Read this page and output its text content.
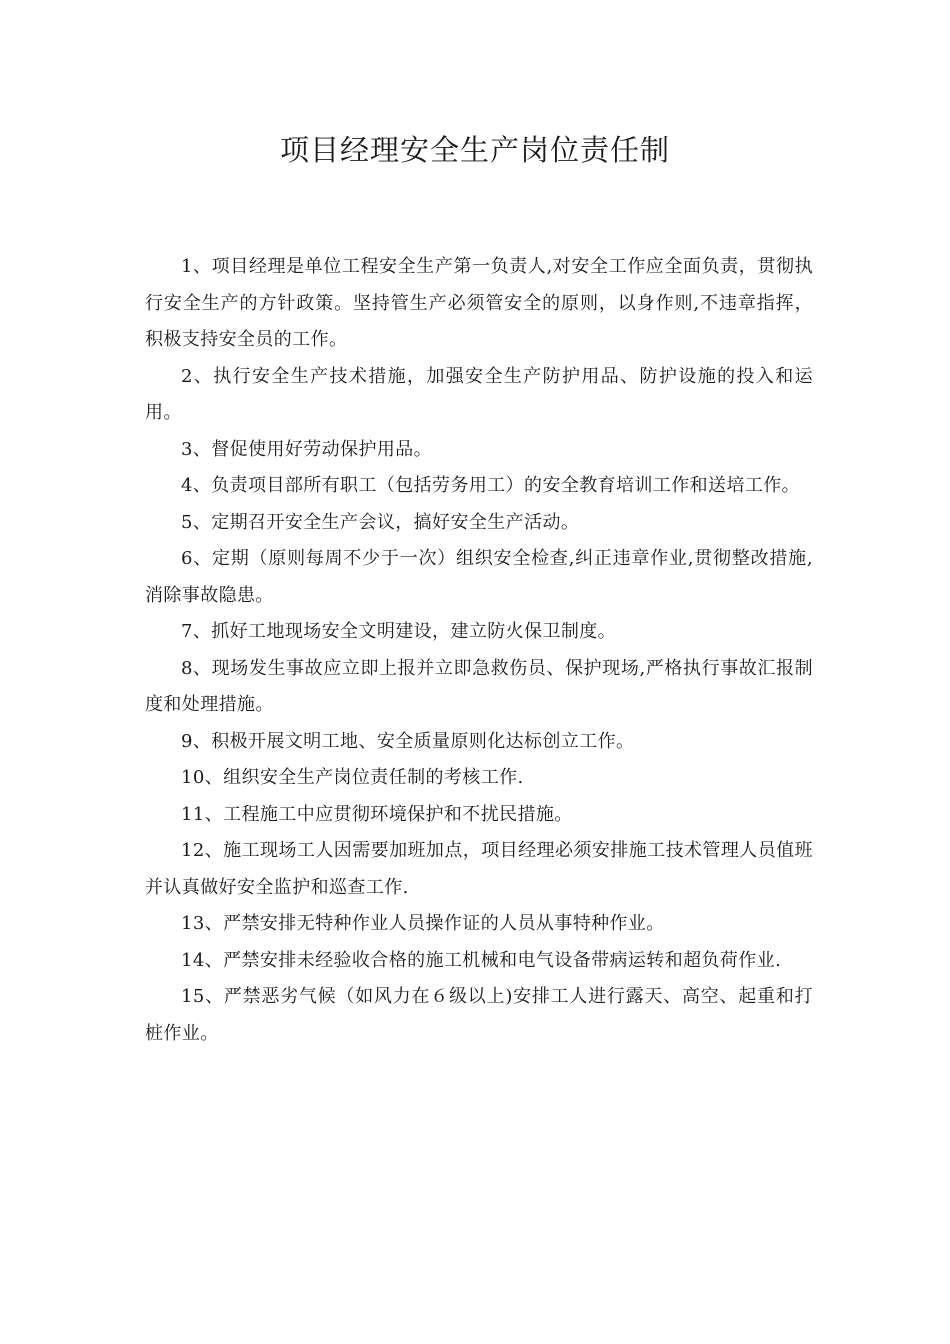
项目经理安全生产岗位责任制

1、项目经理是单位工程安全生产第一负责人,对安全工作应全面负责，贯彻执行安全生产的方针政策。坚持管生产必须管安全的原则，以身作则,不违章指挥，积极支持安全员的工作。

2、执行安全生产技术措施，加强安全生产防护用品、防护设施的投入和运用。

3、督促使用好劳动保护用品。

4、负责项目部所有职工（包括劳务用工）的安全教育培训工作和送培工作。

5、定期召开安全生产会议，搞好安全生产活动。

6、定期（原则每周不少于一次）组织安全检查,纠正违章作业,贯彻整改措施,消除事故隐患。

7、抓好工地现场安全文明建设，建立防火保卫制度。

8、现场发生事故应立即上报并立即急救伤员、保护现场,严格执行事故汇报制度和处理措施。

9、积极开展文明工地、安全质量原则化达标创立工作。

10、组织安全生产岗位责任制的考核工作.

11、工程施工中应贯彻环境保护和不扰民措施。

12、施工现场工人因需要加班加点，项目经理必须安排施工技术管理人员值班并认真做好安全监护和巡查工作.

13、严禁安排无特种作业人员操作证的人员从事特种作业。

14、严禁安排未经验收合格的施工机械和电气设备带病运转和超负荷作业.

15、严禁恶劣气候（如风力在６级以上)安排工人进行露天、高空、起重和打桩作业。
